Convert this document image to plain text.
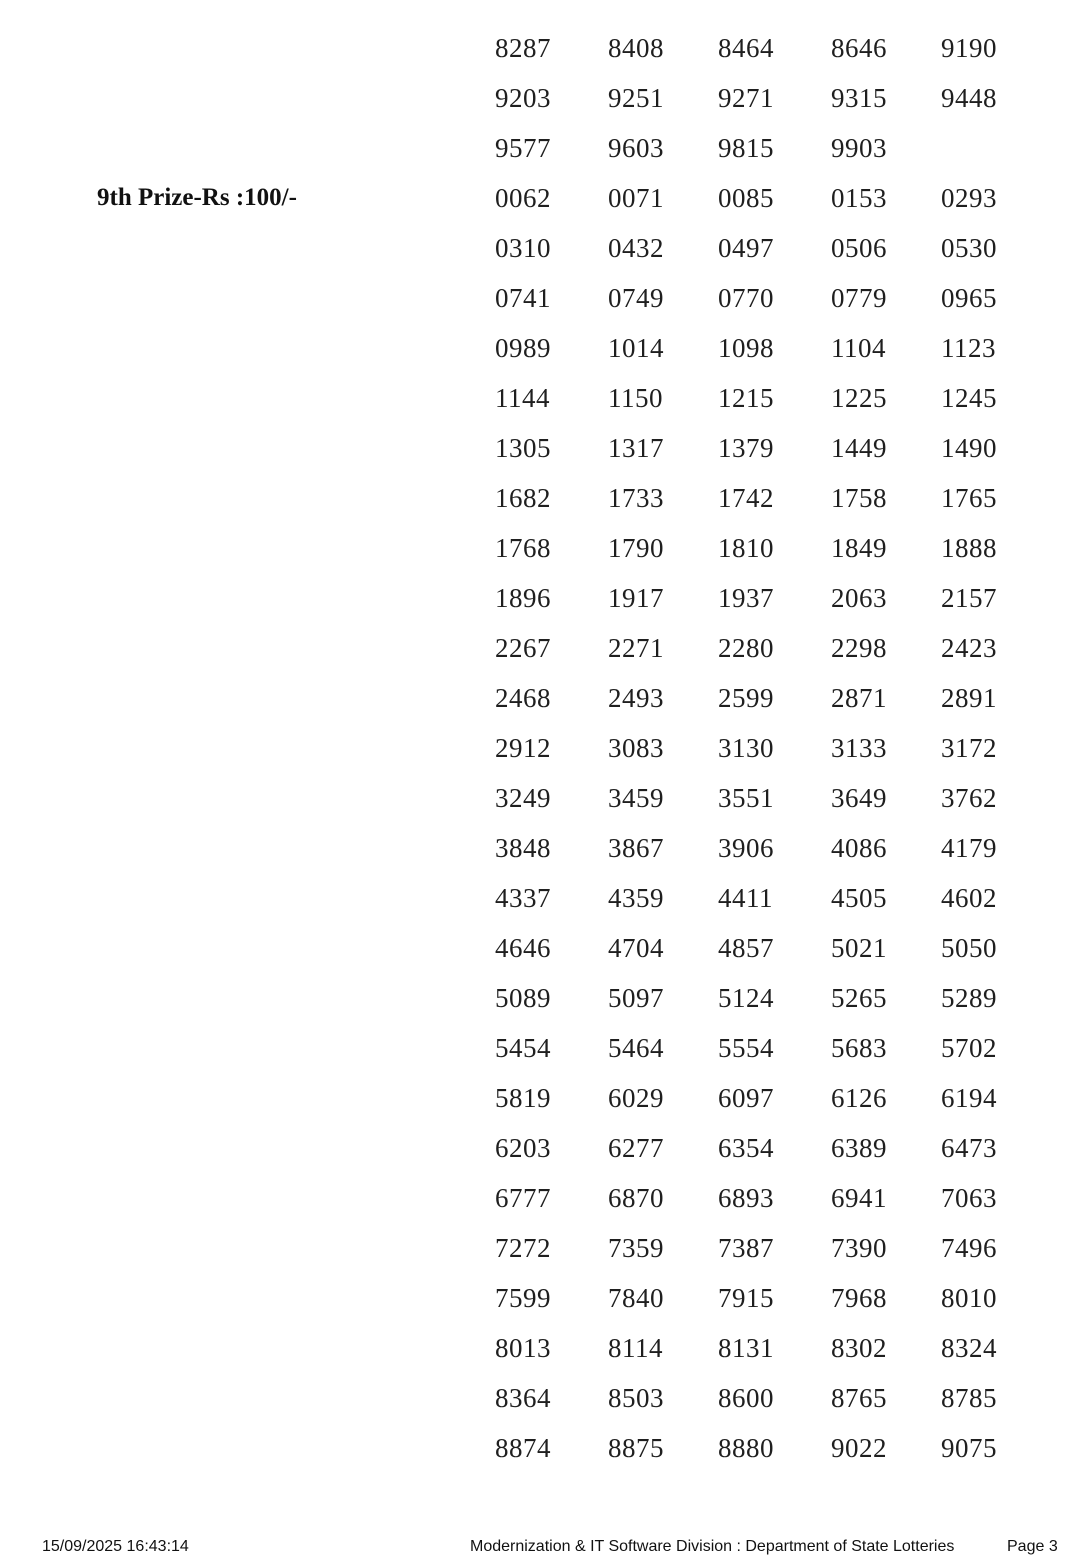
9th Prize-Rs :100/-
8287	8408	8464	8646	9190
9203	9251	9271	9315	9448
9577	9603	9815	9903
0062	0071	0085	0153	0293
0310	0432	0497	0506	0530
0741	0749	0770	0779	0965
0989	1014	1098	1104	1123
1144	1150	1215	1225	1245
1305	1317	1379	1449	1490
1682	1733	1742	1758	1765
1768	1790	1810	1849	1888
1896	1917	1937	2063	2157
2267	2271	2280	2298	2423
2468	2493	2599	2871	2891
2912	3083	3130	3133	3172
3249	3459	3551	3649	3762
3848	3867	3906	4086	4179
4337	4359	4411	4505	4602
4646	4704	4857	5021	5050
5089	5097	5124	5265	5289
5454	5464	5554	5683	5702
5819	6029	6097	6126	6194
6203	6277	6354	6389	6473
6777	6870	6893	6941	7063
7272	7359	7387	7390	7496
7599	7840	7915	7968	8010
8013	8114	8131	8302	8324
8364	8503	8600	8765	8785
8874	8875	8880	9022	9075
15/09/2025 16:43:14	Modernization & IT Software Division : Department of State Lotteries	Page 3
